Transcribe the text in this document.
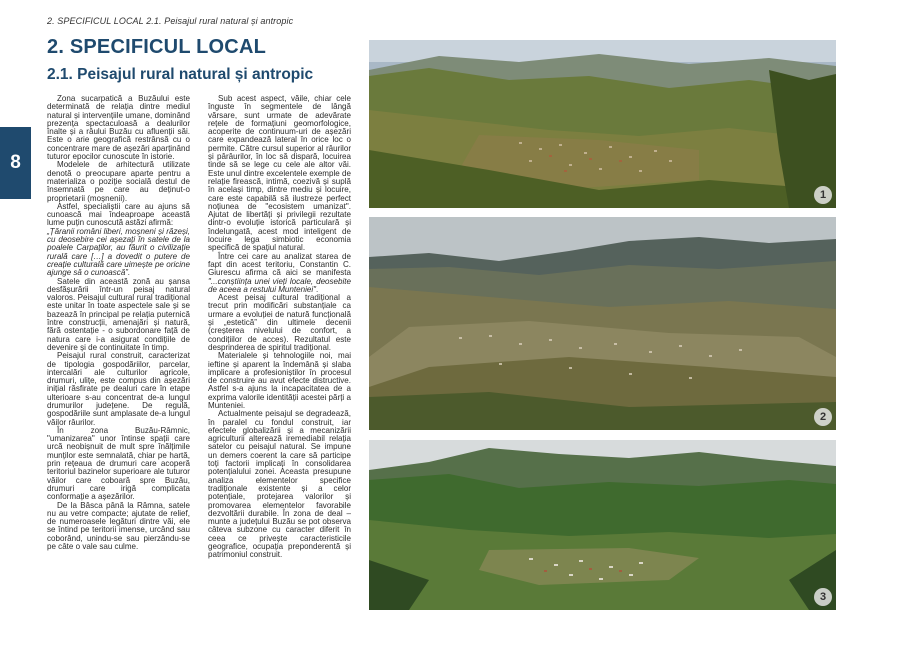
2. SPECIFICUL LOCAL 2.1. Peisajul rural natural și antropic
8
2. SPECIFICUL LOCAL
2.1. Peisajul rural natural și antropic

Zona sucarpatică a Buzăului este determinată de relația dintre mediul natural și intervențiile umane, dominând prezența spectaculoasă a dealurilor înalte și a râului Buzău cu afluenții săi. Este o arie geografică restrânsă cu o concentrare mare de așezări aparținând tuturor epocilor cunoscute în istorie.

Modelele de arhitectură utilizate denotă o preocupare aparte pentru a materializa o poziție socială destul de însemnată pe care au deținut-o proprietarii (moșnenii).

Astfel, specialiștii care au ajuns să cunoască mai îndeaproape această lume puțin cunoscută astăzi afirmă:

„Țăranii români liberi, moșneni și răzeși, cu deosebire cei așezați în satele de la poalele Carpaților, au făurit o civilizație rurală care […] a dovedit o putere de creație culturală care uimește pe oricine ajunge să o cunoască”.

Satele din această zonă au șansa desfășurării într-un peisaj natural valoros. Peisajul cultural rural tradițional este unitar în toate aspectele sale și se bazează în principal pe relația puternică între construcții, amenajări și natură, fără ostentație - o subordonare față de natura care i-a asigurat condițiile de devenire și de continuitate în timp.

Peisajul rural construit, caracterizat de tipologia gospodăriilor, parcelar, intercalări ale culturilor agricole, drumuri, ulițe, este compus din așezări inițial răsfirate pe dealuri care în etape ulterioare s-au concentrat de-a lungul drumurilor județene. De regulă, gospodăriile sunt amplasate de-a lungul văilor râurilor.

În zona Buzău-Râmnic, "umanizarea" unor întinse spații care urcă neobișnuit de mult spre înălțimile munților este semnalată, chiar pe hartă, prin rețeaua de drumuri care acoperă teritoriul bazinelor superioare ale tuturor văilor care coboară spre Buzău, drumuri care irigă complicata conformație a așezărilor.

De la Bâsca până la Râmna, satele nu au vetre compacte; ajutate de relief, de numeroasele legături dintre văi, ele se întind pe teritorii imense, urcând sau coborând, unindu-se sau pierzându-se pe câte o vale sau culme.

Sub acest aspect, văile, chiar cele înguste în segmentele de lângă vărsare, sunt urmate de adevărate rețele de formațiuni geomorfologice, acoperite de continuum-uri de așezări care expandează lateral în orice loc o permite. Către cursul superior al râurilor și pârâurilor, în loc să dispară, locuirea tinde să se lege cu cele ale altor văi. Este unul dintre excelentele exemple de relație firească, intimă, coezivă și suplă în același timp, dintre mediu și locuire, care este capabilă să ilustreze perfect noțiunea de "ecosistem umanizat". Ajutat de libertăți și privilegii rezultate dintr-o evoluție istorică particulară și îndelungată, acest mod inteligent de locuire lega simbiotic economia specifică de spațiul natural.

Între cei care au analizat starea de fapt din acest teritoriu, Constantin C. Giurescu afirma că aici se manifesta "...conștiința unei vieți locale, deosebite de aceea a restului Munteniei".

Acest peisaj cultural tradițional a trecut prin modificări substanțiale ca urmare a evoluției de natură funcțională și „estetică” din ultimele decenii (creșterea nivelului de confort, a condițiilor de acces). Rezultatul este desprinderea de spiritul tradițional.

Materialele și tehnologiile noi, mai ieftine și aparent la îndemână și slaba implicare a profesioniștilor în procesul de construire au avut efecte distructive. Astfel s-a ajuns la incapacitatea de a exprima valorile identității acestei părți a Munteniei.

Actualmente peisajul se degradează, în paralel cu fondul construit, iar efectele globalizării și a mecanizării agriculturii alterează iremediabil relația satelor cu peisajul natural. Se impune un demers coerent la care să participe toți factorii implicați în consolidarea potențialului zonei. Aceasta presupune analiza elementelor specifice tradiționale existente și a celor potențiale, protejarea valorilor și promovarea elementelor favorabile dezvoltării durabile. În zona de deal – munte a județului Buzău se pot observa câteva subzone cu caracter diferit în ceea ce privește caracteristicile geografice, ocupația preponderentă și patrimoniul construit.

1
2
3
